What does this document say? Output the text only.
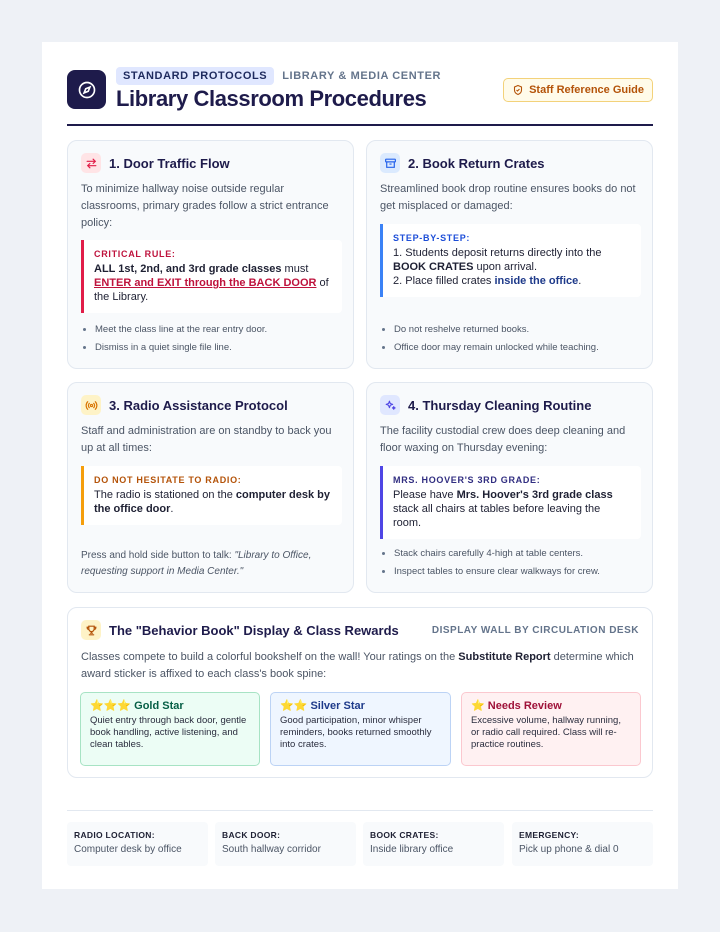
STANDARD PROTOCOLS	LIBRARY & MEDIA CENTER
Library Classroom Procedures	Staff Reference Guide
1. Door Traffic Flow
To minimize hallway noise outside regular classrooms, primary grades follow a strict entrance policy:
CRITICAL RULE:
ALL 1st, 2nd, and 3rd grade classes must ENTER and EXIT through the BACK DOOR of the Library.
Meet the class line at the rear entry door.
Dismiss in a quiet single file line.
2. Book Return Crates
Streamlined book drop routine ensures books do not get misplaced or damaged:
STEP-BY-STEP:
1. Students deposit returns directly into the BOOK CRATES upon arrival.
2. Place filled crates inside the office.
Do not reshelve returned books.
Office door may remain unlocked while teaching.
3. Radio Assistance Protocol
Staff and administration are on standby to back you up at all times:
DO NOT HESITATE TO RADIO:
The radio is stationed on the computer desk by the office door.
Press and hold side button to talk: "Library to Office, requesting support in Media Center."
4. Thursday Cleaning Routine
The facility custodial crew does deep cleaning and floor waxing on Thursday evening:
MRS. HOOVER'S 3RD GRADE:
Please have Mrs. Hoover's 3rd grade class stack all chairs at tables before leaving the room.
Stack chairs carefully 4-high at table centers.
Inspect tables to ensure clear walkways for crew.
The "Behavior Book" Display & Class Rewards	DISPLAY WALL BY CIRCULATION DESK
Classes compete to build a colorful bookshelf on the wall! Your ratings on the Substitute Report determine which award sticker is affixed to each class's book spine:
⭐⭐⭐ Gold Star
Quiet entry through back door, gentle book handling, active listening, and clean tables.
⭐⭐ Silver Star
Good participation, minor whisper reminders, books returned smoothly into crates.
⭐ Needs Review
Excessive volume, hallway running, or radio call required. Class will re-practice routines.
RADIO LOCATION:
Computer desk by office
BACK DOOR:
South hallway corridor
BOOK CRATES:
Inside library office
EMERGENCY:
Pick up phone & dial 0
